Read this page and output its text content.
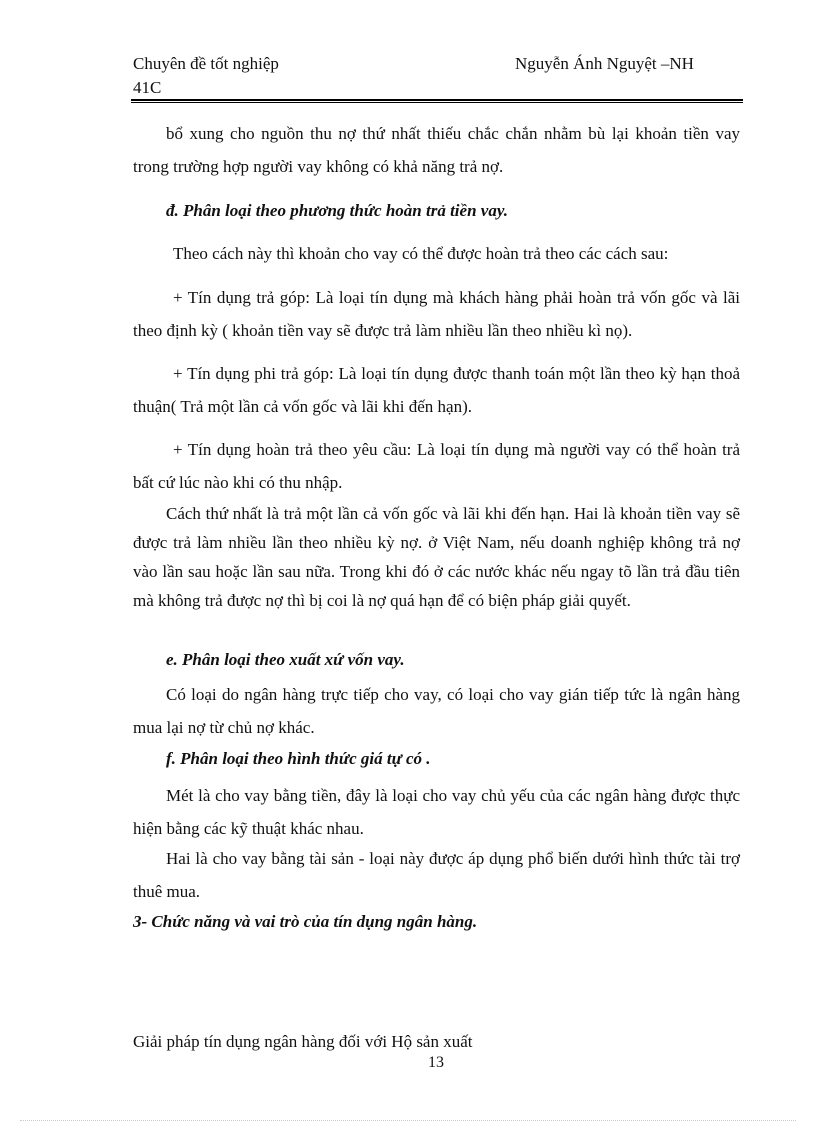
Chuyên đề tốt nghiệp
41C
Nguyễn Ánh Nguyệt –NH

bổ xung cho nguồn thu nợ thứ nhất thiếu chắc chắn nhằm bù lại khoản tiền vay trong trường hợp người vay không có khả năng trả nợ.

đ. Phân loại theo phương thức hoàn trả tiền vay.

Theo cách này thì khoản cho vay có thể được hoàn trả theo các cách sau:

+ Tín dụng trả góp: Là loại tín dụng mà khách hàng phải hoàn trả vốn gốc và lãi theo định kỳ ( khoản tiền vay sẽ được trả làm nhiều lần theo nhiều kì nọ).

+ Tín dụng phi trả góp: Là loại tín dụng được thanh toán một lần theo kỳ hạn thoả thuận( Trả một lần cả vốn gốc và lãi khi đến hạn).

+ Tín dụng hoàn trả theo yêu cầu: Là loại tín dụng mà người vay có thể hoàn trả bất cứ lúc nào khi có thu nhập.

Cách thứ nhất là trả một lần cả vốn gốc và lãi khi đến hạn. Hai là khoản tiền vay sẽ được trả làm nhiều lần theo nhiều kỳ nợ. ở Việt Nam, nếu doanh nghiệp không trả nợ vào lần sau hoặc lần sau nữa. Trong khi đó ở các nước khác nếu ngay tõ lần trả đầu tiên mà không trả được nợ thì bị coi là nợ quá hạn để có biện pháp giải quyết.

e. Phân loại theo xuất xứ vốn vay.

Có loại do ngân hàng trực tiếp cho vay, có loại cho vay gián tiếp tức là ngân hàng mua lại nợ từ chủ nợ khác.

f. Phân loại theo hình thức giá tự có .

Mét là cho vay bằng tiền, đây là loại cho vay chủ yếu của các ngân hàng được thực hiện bằng các kỹ thuật khác nhau.

Hai là cho vay bằng tài sản - loại này được áp dụng phổ biến dưới hình thức tài trợ thuê mua.

3- Chức năng và vai trò của tín dụng ngân hàng.

Giải pháp tín dụng ngân hàng đối với Hộ sản xuất
13
